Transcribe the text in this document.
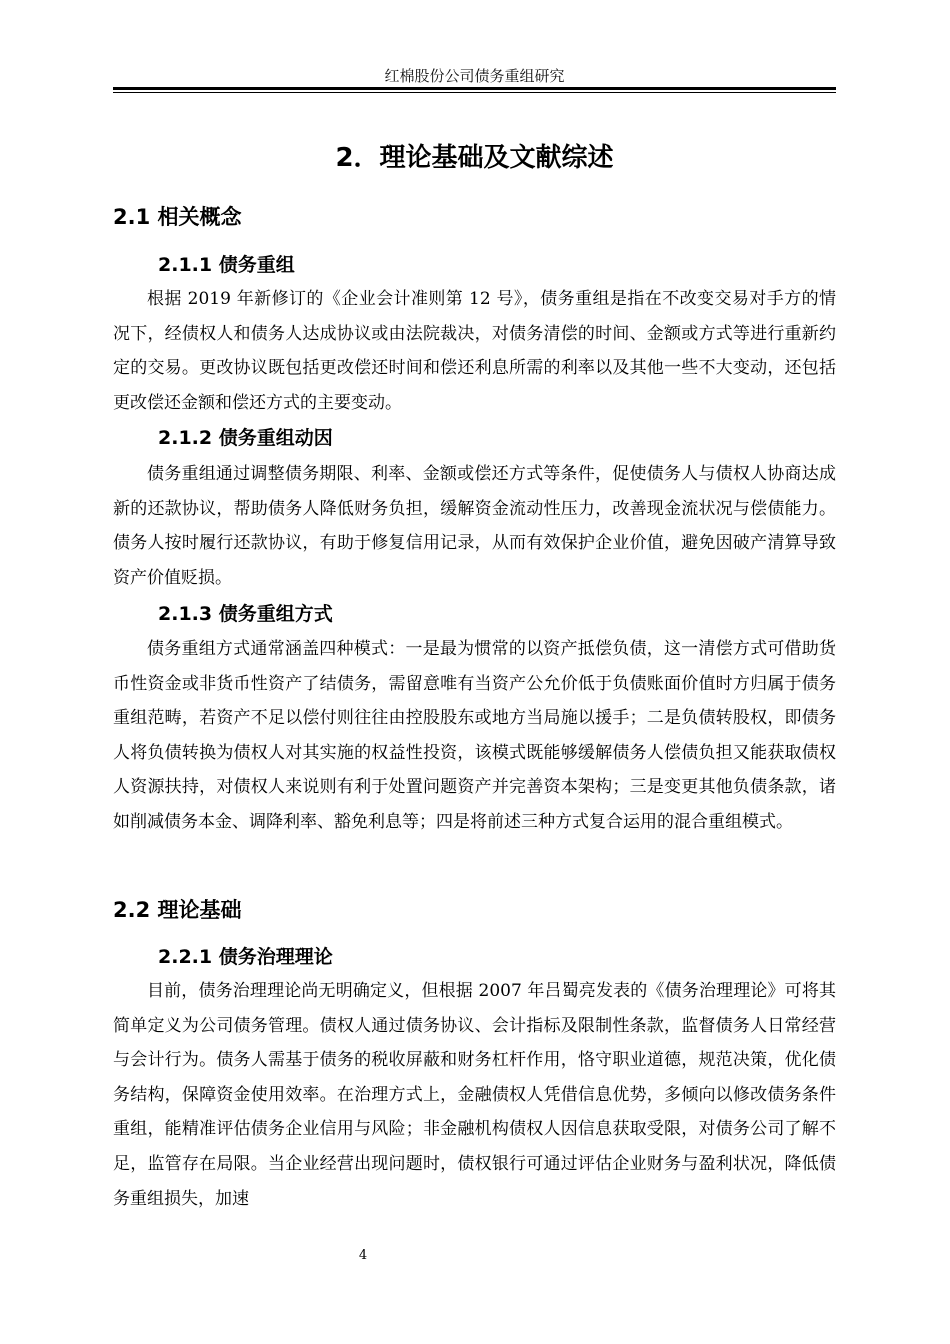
红棉股份公司债务重组研究
2．理论基础及文献综述
2.1 相关概念
2.1.1 债务重组

根据 2019 年新修订的《企业会计准则第 12 号》，债务重组是指在不改变交易对手方的情况下，经债权人和债务人达成协议或由法院裁决，对债务清偿的时间、金额或方式等进行重新约定的交易。更改协议既包括更改偿还时间和偿还利息所需的利率以及其他一些不大变动，还包括更改偿还金额和偿还方式的主要变动。

2.1.2 债务重组动因

债务重组通过调整债务期限、利率、金额或偿还方式等条件，促使债务人与债权人协商达成新的还款协议，帮助债务人降低财务负担，缓解资金流动性压力，改善现金流状况与偿债能力。债务人按时履行还款协议，有助于修复信用记录，从而有效保护企业价值，避免因破产清算导致资产价值贬损。

2.1.3 债务重组方式

债务重组方式通常涵盖四种模式：一是最为惯常的以资产抵偿负债，这一清偿方式可借助货币性资金或非货币性资产了结债务，需留意唯有当资产公允价低于负债账面价值时方归属于债务重组范畴，若资产不足以偿付则往往由控股股东或地方当局施以援手；二是负债转股权，即债务人将负债转换为债权人对其实施的权益性投资，该模式既能够缓解债务人偿债负担又能获取债权人资源扶持，对债权人来说则有利于处置问题资产并完善资本架构；三是变更其他负债条款，诸如削减债务本金、调降利率、豁免利息等；四是将前述三种方式复合运用的混合重组模式。

2.2 理论基础
2.2.1 债务治理理论

目前，债务治理理论尚无明确定义，但根据 2007 年吕蜀亮发表的《债务治理理论》可将其简单定义为公司债务管理。债权人通过债务协议、会计指标及限制性条款，监督债务人日常经营与会计行为。债务人需基于债务的税收屏蔽和财务杠杆作用，恪守职业道德，规范决策，优化债务结构，保障资金使用效率。在治理方式上，金融债权人凭借信息优势，多倾向以修改债务条件重组，能精准评估债务企业信用与风险；非金融机构债权人因信息获取受限，对债务公司了解不足，监管存在局限。当企业经营出现问题时，债权银行可通过评估企业财务与盈利状况，降低债务重组损失，加速

4
